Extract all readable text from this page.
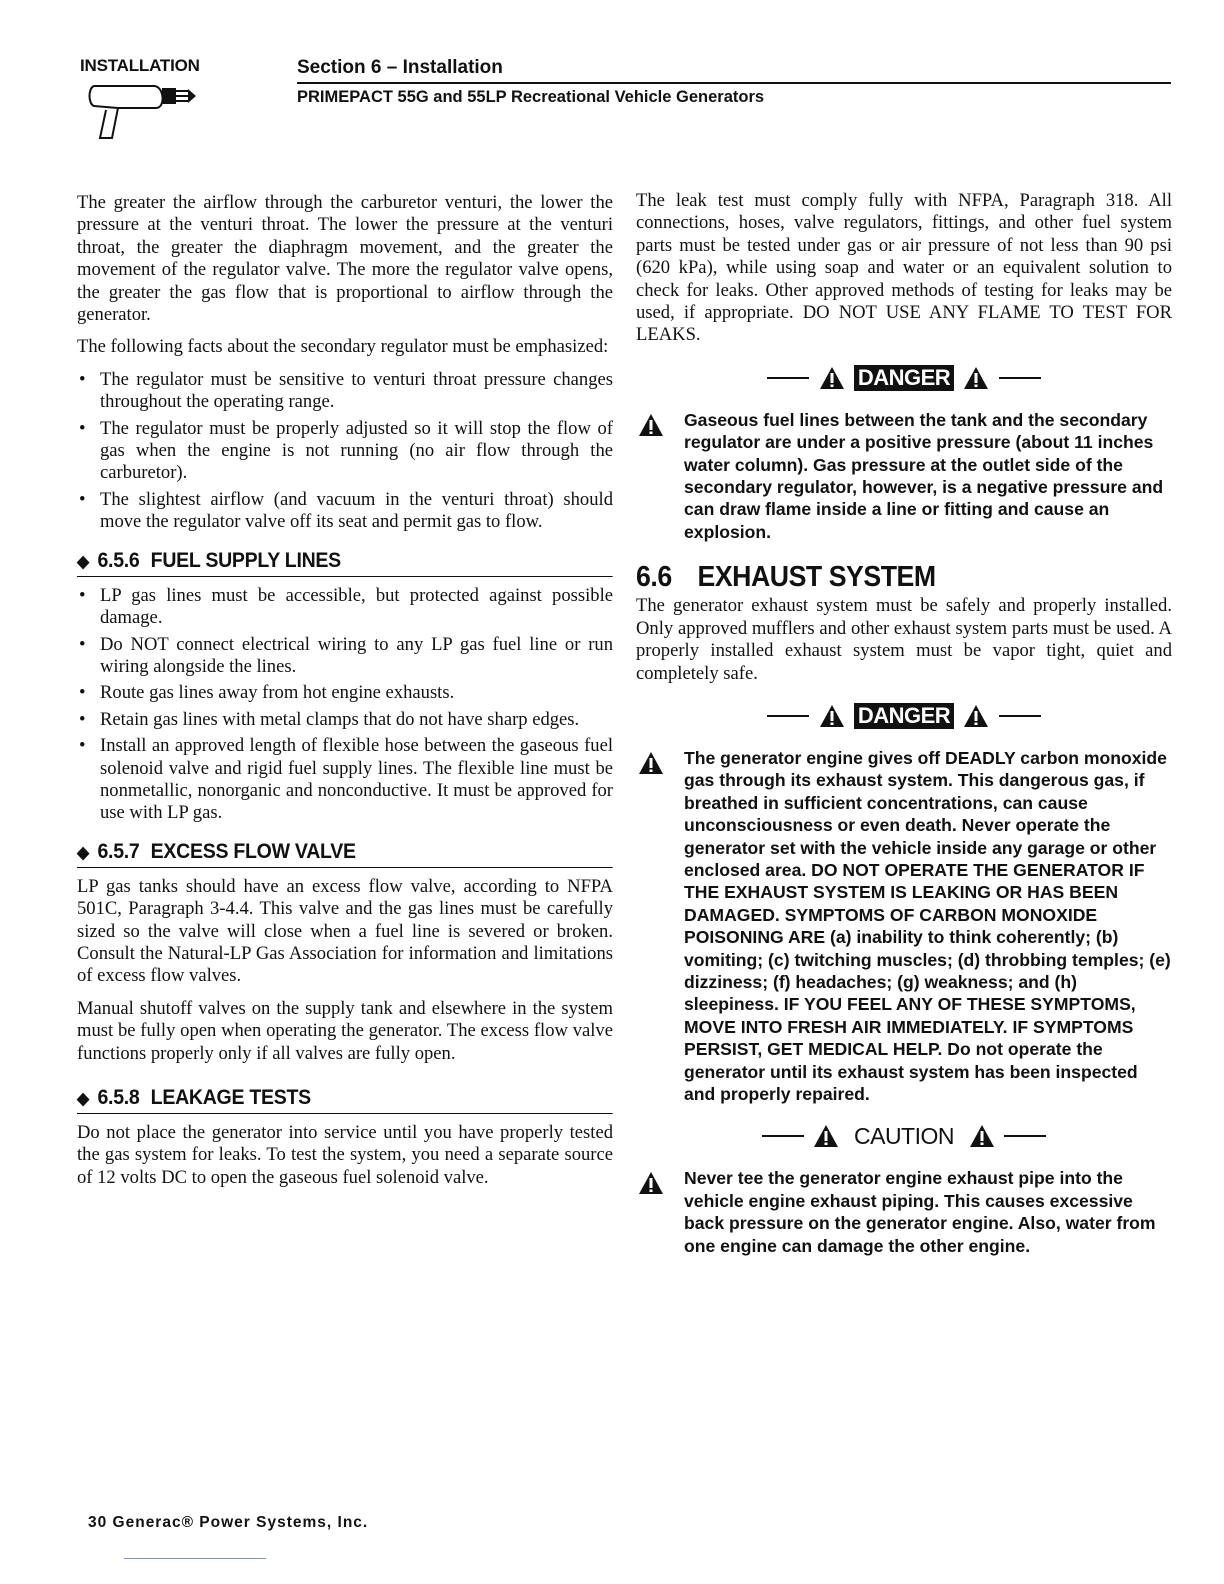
INSTALLATION	Section 6 – Installation
PRIMEPACT 55G and 55LP Recreational Vehicle Generators

The greater the airflow through the carburetor venturi, the lower the pressure at the venturi throat. The lower the pressure at the venturi throat, the greater the diaphragm movement, and the greater the movement of the regulator valve. The more the regulator valve opens, the greater the gas flow that is proportional to airflow through the generator.

The following facts about the secondary regulator must be emphasized:

• The regulator must be sensitive to venturi throat pressure changes throughout the operating range.
• The regulator must be properly adjusted so it will stop the flow of gas when the engine is not running (no air flow through the carburetor).
• The slightest airflow (and vacuum in the venturi throat) should move the regulator valve off its seat and permit gas to flow.
◆ 6.5.6 FUEL SUPPLY LINES
• LP gas lines must be accessible, but protected against possible damage.
• Do NOT connect electrical wiring to any LP gas fuel line or run wiring alongside the lines.
• Route gas lines away from hot engine exhausts.
• Retain gas lines with metal clamps that do not have sharp edges.
• Install an approved length of flexible hose between the gaseous fuel solenoid valve and rigid fuel supply lines. The flexible line must be nonmetallic, nonorganic and nonconductive. It must be approved for use with LP gas.
◆ 6.5.7 EXCESS FLOW VALVE

LP gas tanks should have an excess flow valve, according to NFPA 501C, Paragraph 3-4.4. This valve and the gas lines must be carefully sized so the valve will close when a fuel line is severed or broken. Consult the Natural-LP Gas Association for information and limitations of excess flow valves.

Manual shutoff valves on the supply tank and elsewhere in the system must be fully open when operating the generator. The excess flow valve functions properly only if all valves are fully open.

◆ 6.5.8 LEAKAGE TESTS

Do not place the generator into service until you have properly tested the gas system for leaks. To test the system, you need a separate source of 12 volts DC to open the gaseous fuel solenoid valve.

The leak test must comply fully with NFPA, Paragraph 318. All connections, hoses, valve regulators, fittings, and other fuel system parts must be tested under gas or air pressure of not less than 90 psi (620 kPa), while using soap and water or an equivalent solution to check for leaks. Other approved methods of testing for leaks may be used, if appropriate. DO NOT USE ANY FLAME TO TEST FOR LEAKS.

DANGER
Gaseous fuel lines between the tank and the secondary regulator are under a positive pressure (about 11 inches water column). Gas pressure at the outlet side of the secondary regulator, however, is a negative pressure and can draw flame inside a line or fitting and cause an explosion.
6.6 EXHAUST SYSTEM

The generator exhaust system must be safely and properly installed. Only approved mufflers and other exhaust system parts must be used. A properly installed exhaust system must be vapor tight, quiet and completely safe.

DANGER
The generator engine gives off DEADLY carbon monoxide gas through its exhaust system. This dangerous gas, if breathed in sufficient concentrations, can cause unconsciousness or even death. Never operate the generator set with the vehicle inside any garage or other enclosed area. DO NOT OPERATE THE GENERATOR IF THE EXHAUST SYSTEM IS LEAKING OR HAS BEEN DAMAGED. SYMPTOMS OF CARBON MONOXIDE POISONING ARE (a) inability to think coherently; (b) vomiting; (c) twitching muscles; (d) throbbing temples; (e) dizziness; (f) headaches; (g) weakness; and (h) sleepiness. IF YOU FEEL ANY OF THESE SYMPTOMS, MOVE INTO FRESH AIR IMMEDIATELY. IF SYMPTOMS PERSIST, GET MEDICAL HELP. Do not operate the generator until its exhaust system has been inspected and properly repaired.
CAUTION
Never tee the generator engine exhaust pipe into the vehicle engine exhaust piping. This causes excessive back pressure on the generator engine. Also, water from one engine can damage the other engine.
30 Generac® Power Systems, Inc.
